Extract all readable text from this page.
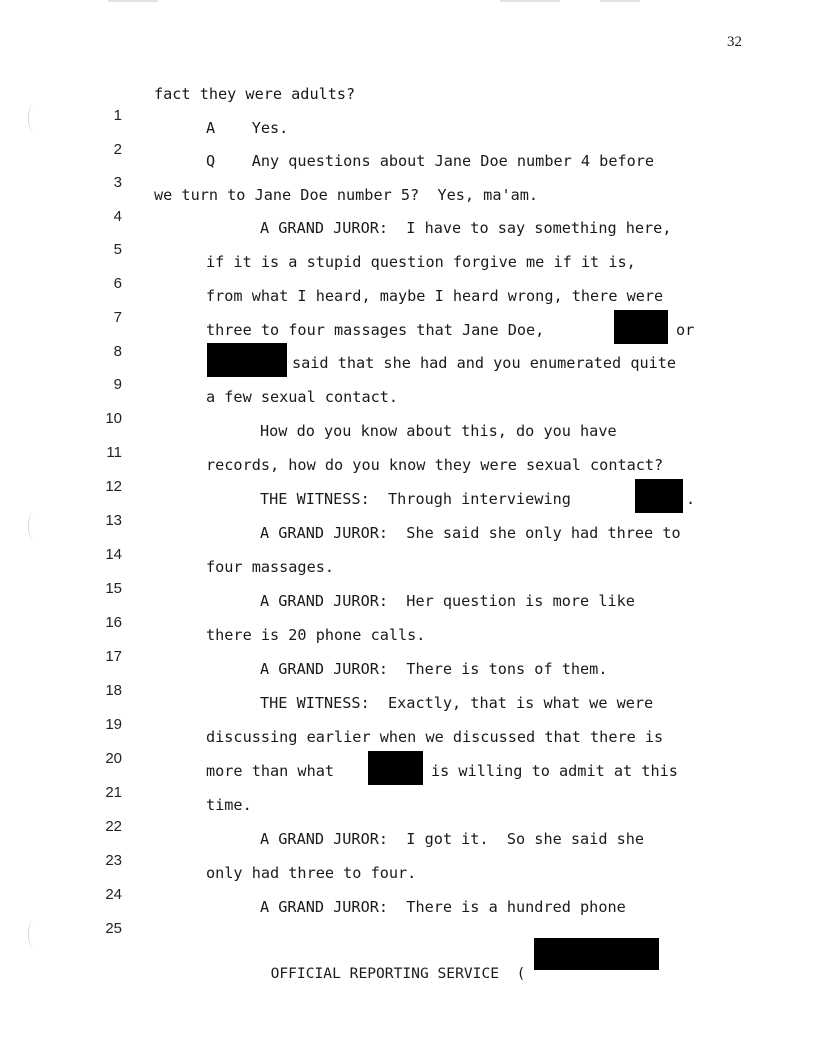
32

1

fact they were adults?

2

A    Yes.

3

Q    Any questions about Jane Doe number 4 before

4

we turn to Jane Doe number 5?  Yes, ma'am.

5

A GRAND JUROR:  I have to say something here,

6

if it is a stupid question forgive me if it is,

7

from what I heard, maybe I heard wrong, there were

8

three to four massages that Jane Doe,

	or

9

said that she had and you enumerated quite

10

a few sexual contact.

11

How do you know about this, do you have

12

records, how do you know they were sexual contact?

13

THE WITNESS:  Through interviewing

	.

14

A GRAND JUROR:  She said she only had three to

15

four massages.

16

A GRAND JUROR:  Her question is more like

17

there is 20 phone calls.

18

A GRAND JUROR:  There is tons of them.

19

THE WITNESS:  Exactly, that is what we were

20

discussing earlier when we discussed that there is

21

more than what

	is willing to admit at this

22

time.

23

A GRAND JUROR:  I got it.  So she said she

24

only had three to four.

25

A GRAND JUROR:  There is a hundred phone

OFFICIAL REPORTING SERVICE  (
